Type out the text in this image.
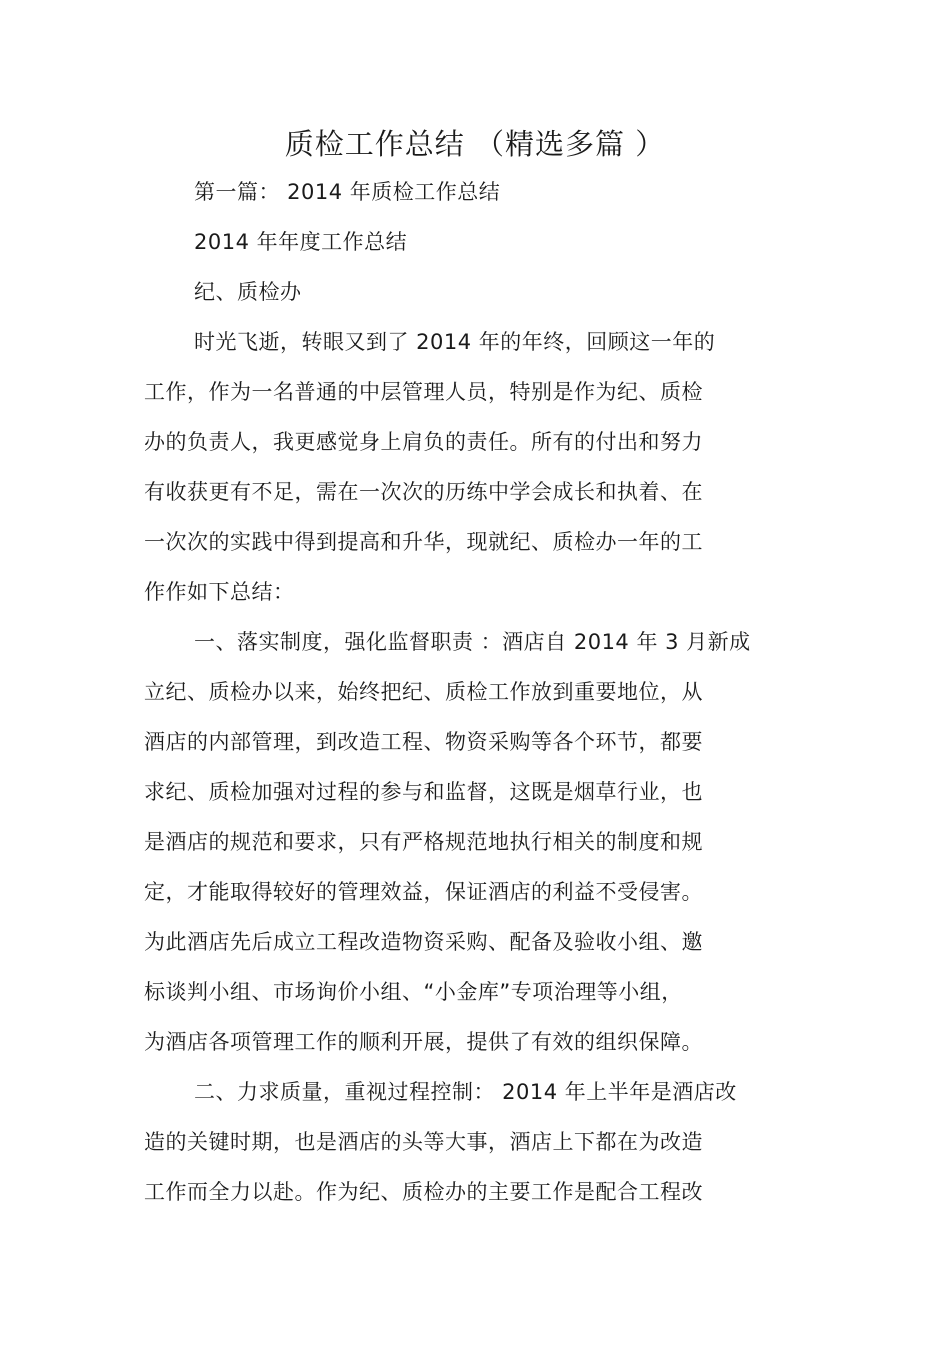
质检工作总结 （精选多篇 ）
第一篇： 2014 年质检工作总结
2014 年年度工作总结
纪、质检办
时光飞逝，转眼又到了 2014 年的年终，回顾这一年的
工作，作为一名普通的中层管理人员，特别是作为纪、质检
办的负责人，我更感觉身上肩负的责任。所有的付出和努力
有收获更有不足，需在一次次的历练中学会成长和执着、在
一次次的实践中得到提高和升华，现就纪、质检办一年的工
作作如下总结：
一、落实制度，强化监督职责 ：酒店自 2014 年 3 月新成
立纪、质检办以来，始终把纪、质检工作放到重要地位，从
酒店的内部管理，到改造工程、物资采购等各个环节，都要
求纪、质检加强对过程的参与和监督，这既是烟草行业，也
是酒店的规范和要求，只有严格规范地执行相关的制度和规
定，才能取得较好的管理效益，保证酒店的利益不受侵害。
为此酒店先后成立工程改造物资采购、配备及验收小组、邀
标谈判小组、市场询价小组、“小金库”专项治理等小组，
为酒店各项管理工作的顺利开展，提供了有效的组织保障。
二、力求质量，重视过程控制： 2014 年上半年是酒店改
造的关键时期，也是酒店的头等大事，酒店上下都在为改造
工作而全力以赴。作为纪、质检办的主要工作是配合工程改
